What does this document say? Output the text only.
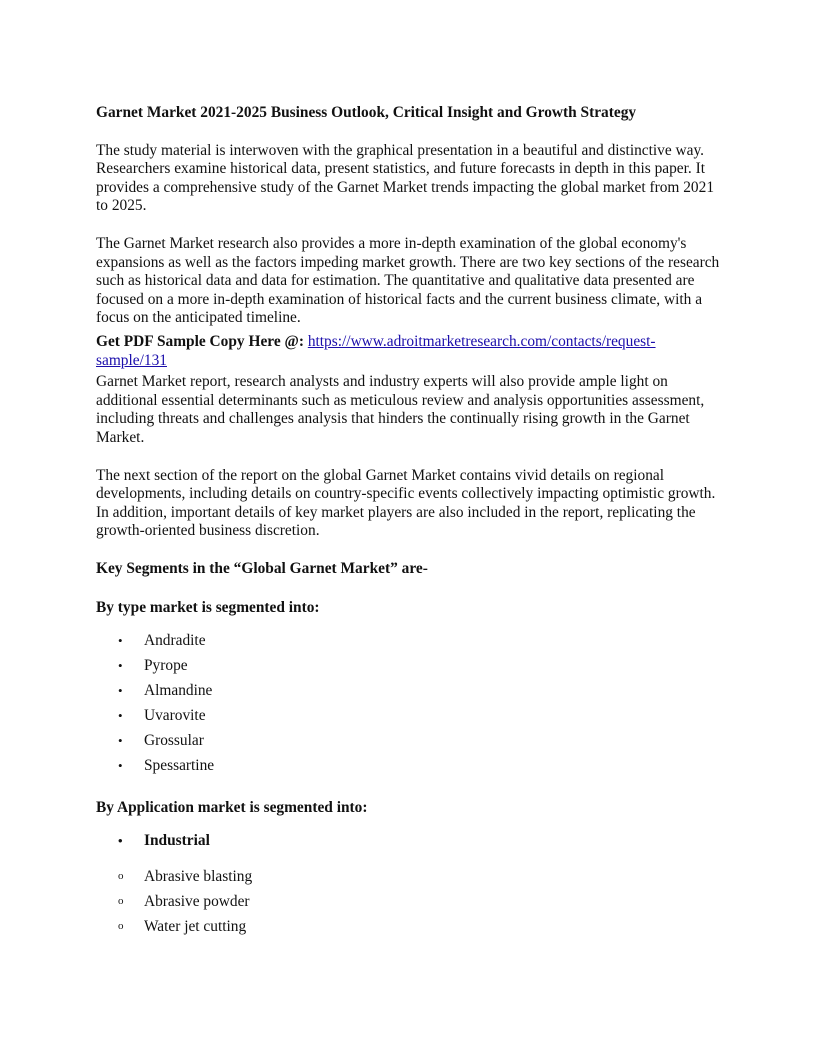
Garnet Market 2021-2025 Business Outlook, Critical Insight and Growth Strategy

The study material is interwoven with the graphical presentation in a beautiful and distinctive way. Researchers examine historical data, present statistics, and future forecasts in depth in this paper. It provides a comprehensive study of the Garnet Market trends impacting the global market from 2021 to 2025.

The Garnet Market research also provides a more in-depth examination of the global economy's expansions as well as the factors impeding market growth. There are two key sections of the research such as historical data and data for estimation. The quantitative and qualitative data presented are focused on a more in-depth examination of historical facts and the current business climate, with a focus on the anticipated timeline.

Get PDF Sample Copy Here @: https://www.adroitmarketresearch.com/contacts/request-sample/131

Garnet Market report, research analysts and industry experts will also provide ample light on additional essential determinants such as meticulous review and analysis opportunities assessment, including threats and challenges analysis that hinders the continually rising growth in the Garnet Market.

The next section of the report on the global Garnet Market contains vivid details on regional developments, including details on country-specific events collectively impacting optimistic growth. In addition, important details of key market players are also included in the report, replicating the growth-oriented business discretion.

Key Segments in the “Global Garnet Market” are-

By type market is segmented into:

• Andradite
• Pyrope
• Almandine
• Uvarovite
• Grossular
• Spessartine

By Application market is segmented into:

• Industrial
o Abrasive blasting
o Abrasive powder
o Water jet cutting
